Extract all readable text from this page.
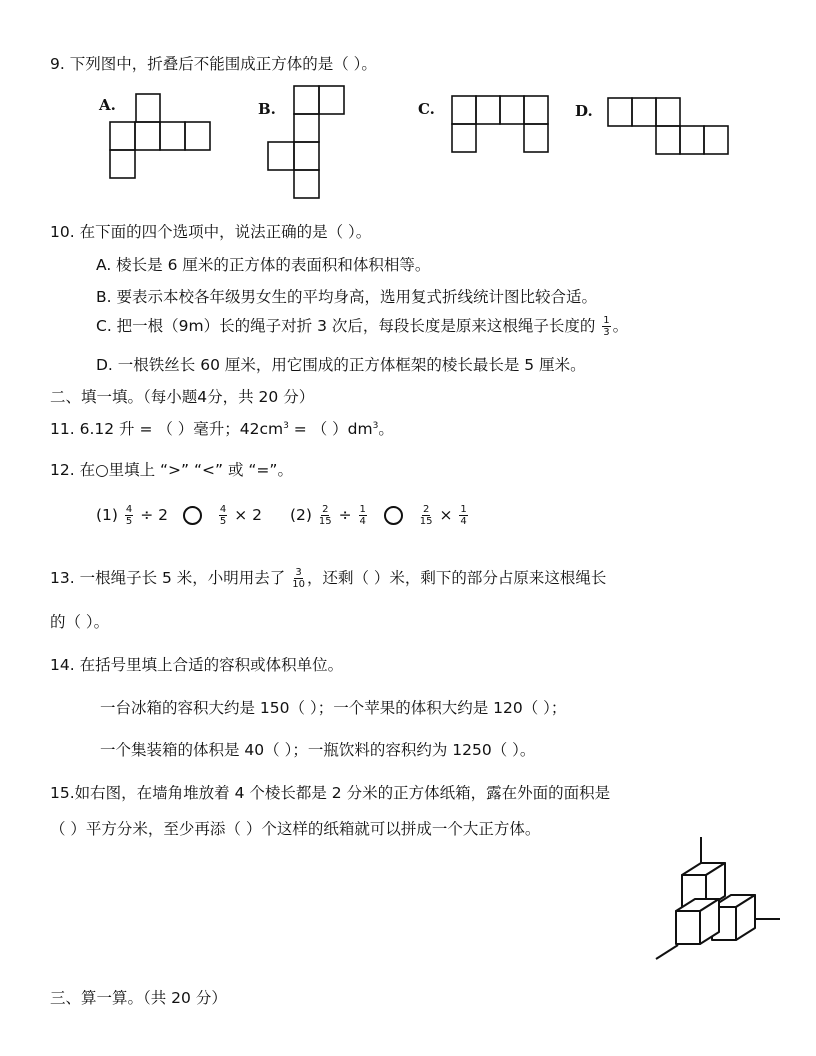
9. 下列图中，折叠后不能围成正方体的是（ ）。
A.	B.	C.	D.
10. 在下面的四个选项中，说法正确的是（ ）。
A. 棱长是 6 厘米的正方体的表面积和体积相等。
B. 要表示本校各年级男女生的平均身高，选用复式折线统计图比较合适。
C. 把一根（9m）长的绳子对折 3 次后，每段长度是原来这根绳子长度的 $\frac{1}{3}$ 。
D. 一根铁丝长 60 厘米，用它围成的正方体框架的棱长最长是 5 厘米。
二、填一填。（每小题4分，共 20 分）
11. 6.12 升 = （ ）毫升；$42cm^3$ = （ ）$dm^3$。
12. 在○里填上 “>” “<” 或 “=”。
$(1) \frac{4}{5} \div 2$	$\frac{4}{5} \times 2$ $(2) \frac{2}{15} \div \frac{1}{4}$
	$\frac{2}{15} \times \frac{1}{4}$
13. 一根绳子长 5 米，小明用去了 $\frac{3}{10}$ ，还剩（ ）米，剩下的部分占原来这根绳长
的（ ）。
14. 在括号里填上合适的容积或体积单位。
一台冰箱的容积大约是 150（ ）；一个苹果的体积大约是 120（ ）；
一个集装箱的体积是 40（ ）；一瓶饮料的容积约为 1250（ ）。
15.如右图，在墙角堆放着 4 个棱长都是 2 分米的正方体纸箱，露在外面的面积是
（ ）平方分米，至少再添（ ）个这样的纸箱就可以拼成一个大正方体。
三、算一算。（共 20 分）
